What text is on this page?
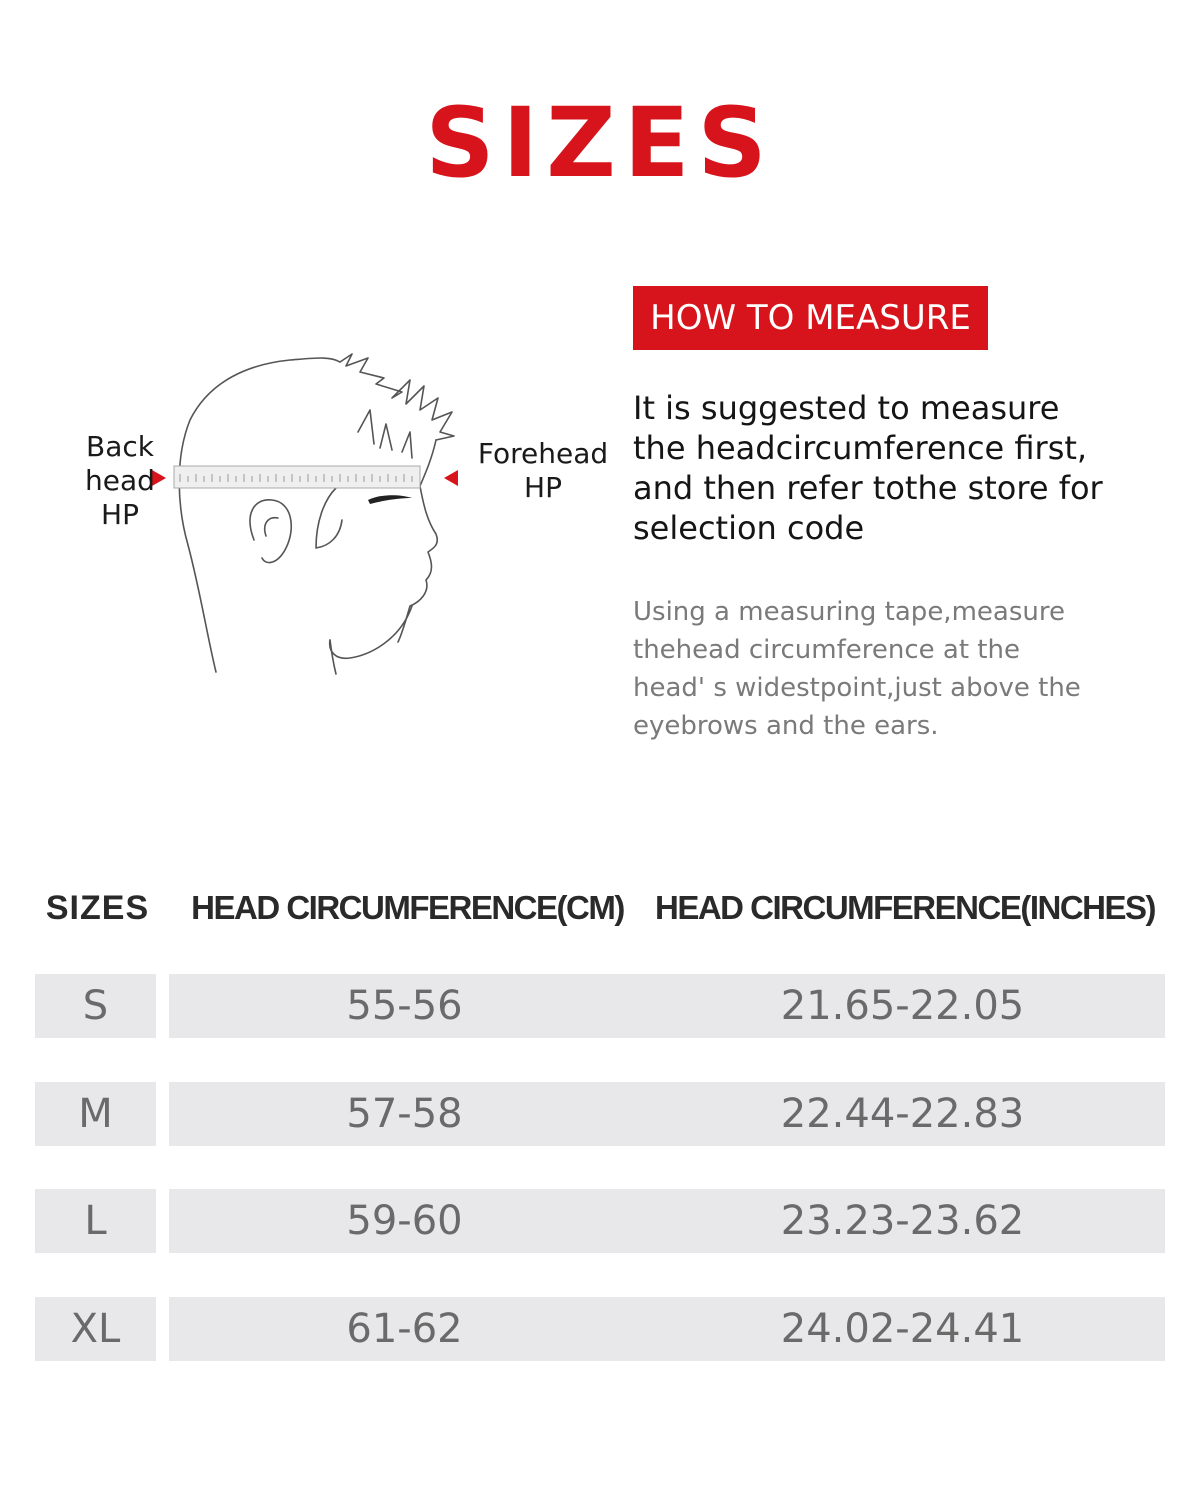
SIZES
Back
head
HP
Forehead
HP
HOW TO MEASURE
It is suggested to measure
the headcircumference first,
and then refer tothe store for
selection code
Using a measuring tape,measure
thehead circumference at the
head' s widestpoint,just above the
eyebrows and the ears.
SIZES	HEAD CIRCUMFERENCE(CM) HEAD CIRCUMFERENCE(INCHES)
S	55-56	21.65-22.05
M	57-58	22.44-22.83
L	59-60	23.23-23.62
XL	61-62	24.02-24.41
